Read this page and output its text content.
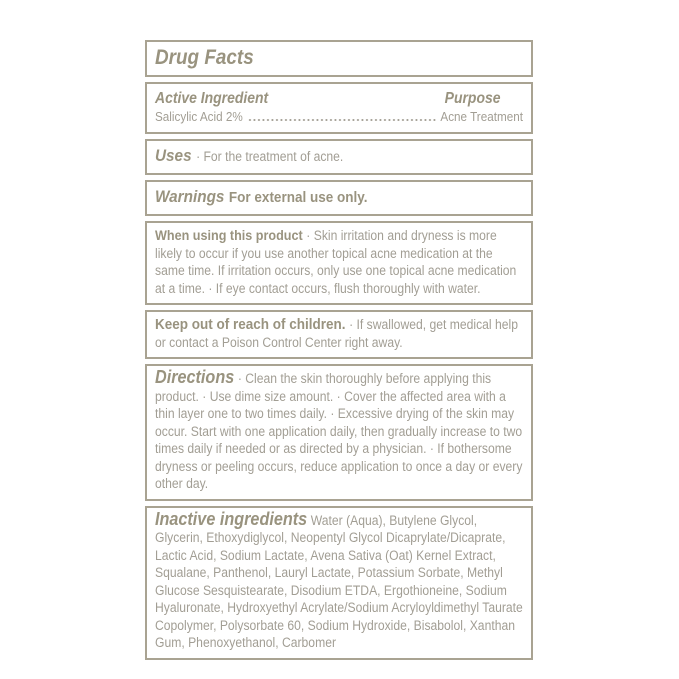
Drug Facts
Active Ingredient	Purpose
Salicylic Acid 2%	Acne Treatment

Uses · For the treatment of acne.

Warnings For external use only.

When using this product · Skin irritation and dryness is more likely to occur if you use another topical acne medication at the same time. If irritation occurs, only use one topical acne medication at a time. · If eye contact occurs, flush thoroughly with water.

Keep out of reach of children. · If swallowed, get medical help or contact a Poison Control Center right away.

Directions · Clean the skin thoroughly before applying this product. · Use dime size amount. · Cover the affected area with a thin layer one to two times daily. · Excessive drying of the skin may occur. Start with one application daily, then gradually increase to two times daily if needed or as directed by a physician. · If bothersome dryness or peeling occurs, reduce application to once a day or every other day.

Inactive ingredients Water (Aqua), Butylene Glycol, Glycerin, Ethoxydiglycol, Neopentyl Glycol Dicaprylate/Dicaprate, Lactic Acid, Sodium Lactate, Avena Sativa (Oat) Kernel Extract, Squalane, Panthenol, Lauryl Lactate, Potassium Sorbate, Methyl Glucose Sesquistearate, Disodium ETDA, Ergothioneine, Sodium Hyaluronate, Hydroxyethyl Acrylate/Sodium Acryloyldimethyl Taurate Copolymer, Polysorbate 60, Sodium Hydroxide, Bisabolol, Xanthan Gum, Phenoxyethanol, Carbomer
